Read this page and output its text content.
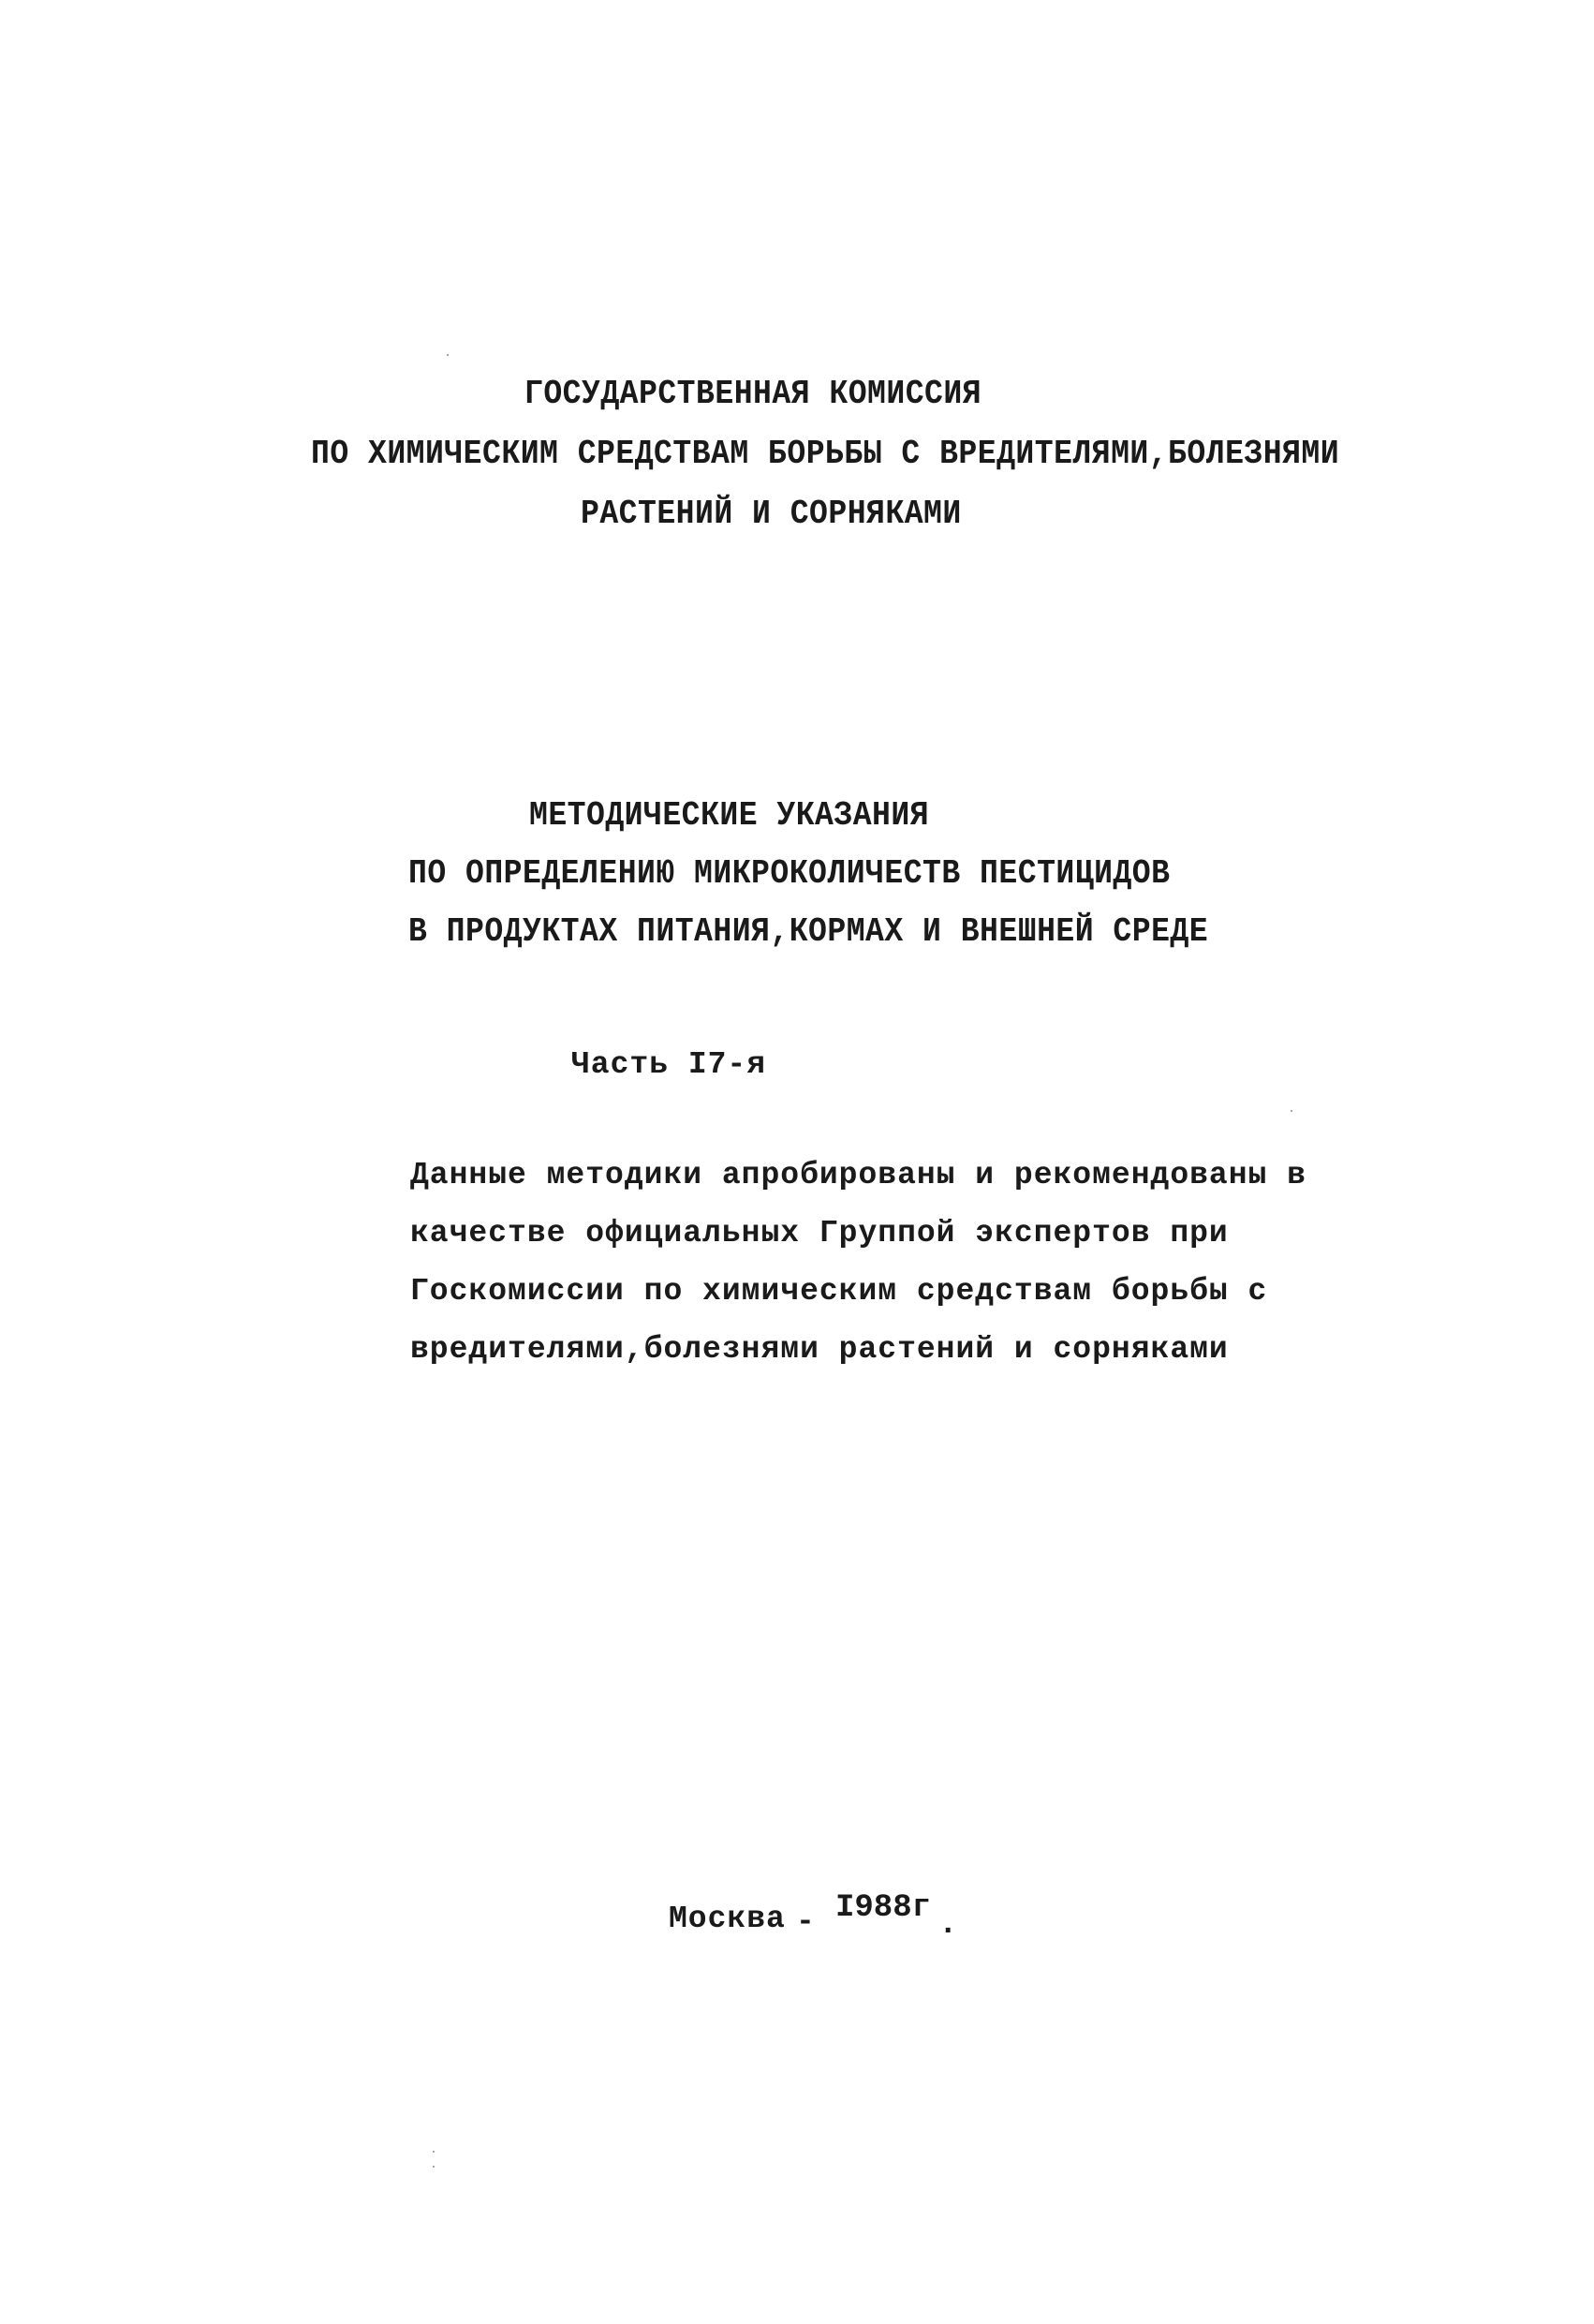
ГОСУДАРСТВЕННАЯ КОМИССИЯ
ПО ХИМИЧЕСКИМ СРЕДСТВАМ БОРЬБЫ С ВРЕДИТЕЛЯМИ,БОЛЕЗНЯМИ
РАСТЕНИЙ И СОРНЯКАМИ
МЕТОДИЧЕСКИЕ УКАЗАНИЯ
ПО ОПРЕДЕЛЕНИЮ МИКРОКОЛИЧЕСТВ ПЕСТИЦИДОВ
В ПРОДУКТАХ ПИТАНИЯ,КОРМАХ И ВНЕШНЕЙ СРЕДЕ
Часть I7-я
Данные методики апробированы и рекомендованы в
качестве официальных Группой экспертов при
Госкомиссии по химическим средствам борьбы с
вредителями,болезнями растений и сорняками
Москва - I988г .
